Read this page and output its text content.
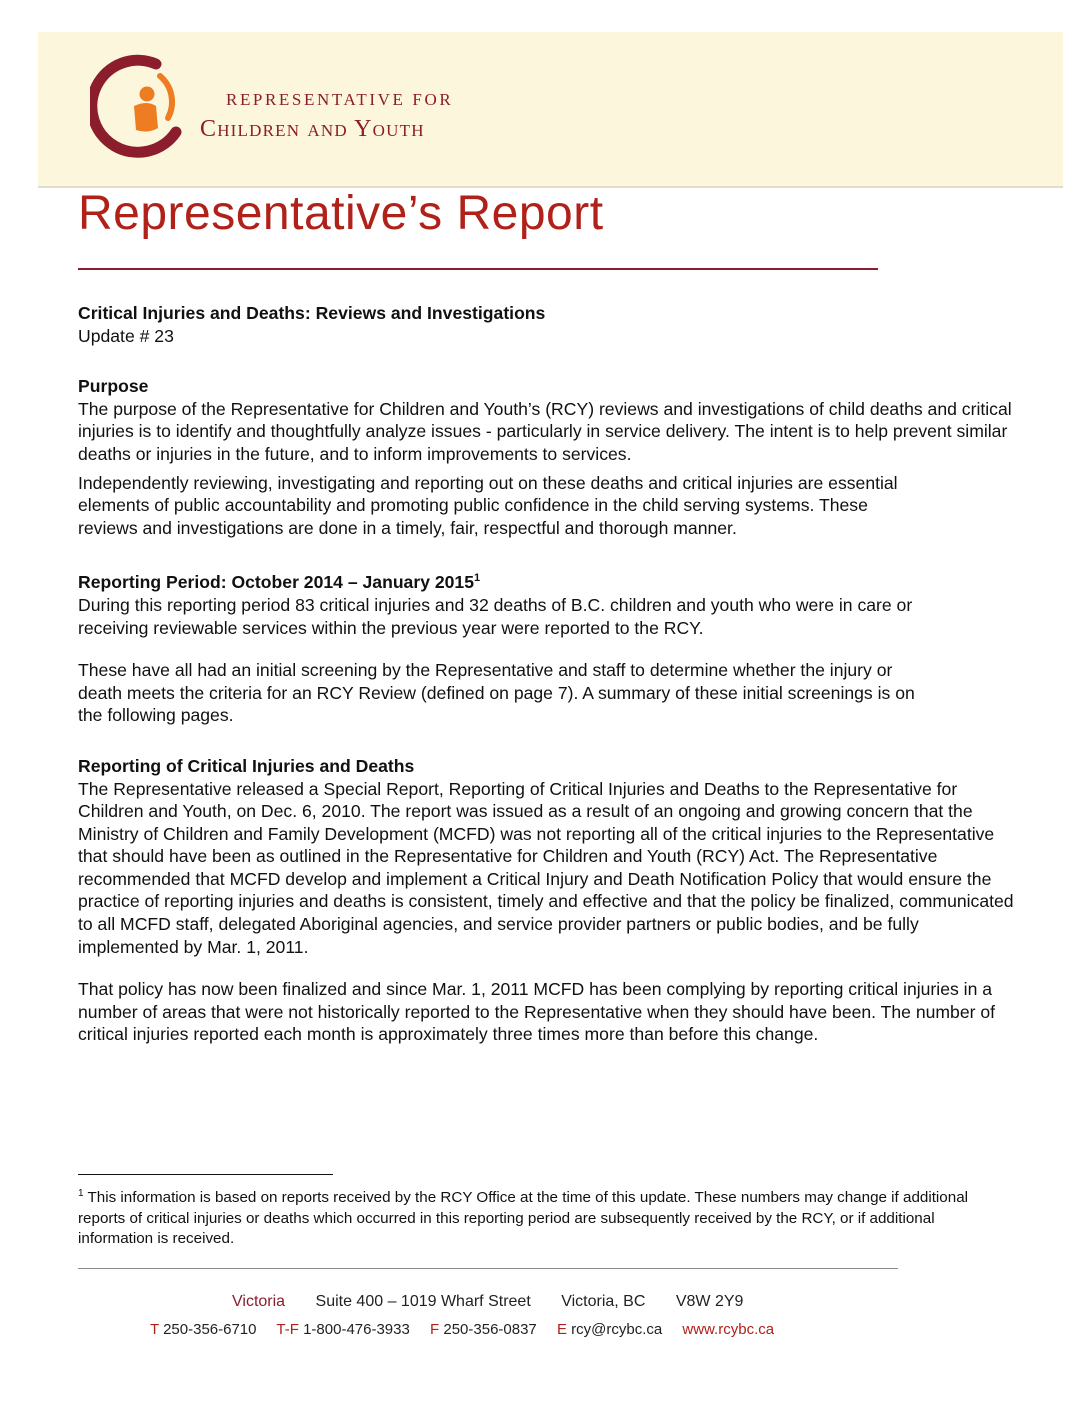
REPRESENTATIVE FOR
Children and Youth
Representative’s Report

Critical Injuries and Deaths: Reviews and Investigations

Update # 23

Purpose

The purpose of the Representative for Children and Youth’s (RCY) reviews and investigations of child deaths and critical injuries is to identify and thoughtfully analyze issues - particularly in service delivery. The intent is to help prevent similar deaths or injuries in the future, and to inform improvements to services.

Independently reviewing, investigating and reporting out on these deaths and critical injuries are essential elements of public accountability and promoting public confidence in the child serving systems. These reviews and investigations are done in a timely, fair, respectful and thorough manner.

Reporting Period: October 2014 – January 2015$^1$

During this reporting period 83 critical injuries and 32 deaths of B.C. children and youth who were in care or receiving reviewable services within the previous year were reported to the RCY.

These have all had an initial screening by the Representative and staff to determine whether the injury or death meets the criteria for an RCY Review (defined on page 7). A summary of these initial screenings is on the following pages.

Reporting of Critical Injuries and Deaths

The Representative released a Special Report, Reporting of Critical Injuries and Deaths to the Representative for Children and Youth, on Dec. 6, 2010. The report was issued as a result of an ongoing and growing concern that the Ministry of Children and Family Development (MCFD) was not reporting all of the critical injuries to the Representative that should have been as outlined in the Representative for Children and Youth (RCY) Act. The Representative recommended that MCFD develop and implement a Critical Injury and Death Notification Policy that would ensure the practice of reporting injuries and deaths is consistent, timely and effective and that the policy be finalized, communicated to all MCFD staff, delegated Aboriginal agencies, and service provider partners or public bodies, and be fully implemented by Mar. 1, 2011.

That policy has now been finalized and since Mar. 1, 2011 MCFD has been complying by reporting critical injuries in a number of areas that were not historically reported to the Representative when they should have been. The number of critical injuries reported each month is approximately three times more than before this change.

$^1$ This information is based on reports received by the RCY Office at the time of this update. These numbers may change if additional reports of critical injuries or deaths which occurred in this reporting period are subsequently received by the RCY, or if additional information is received.
Victoria Suite 400 – 1019 Wharf Street Victoria, BC V8W 2Y9
T 250-356-6710 T-F 1-800-476-3933 F 250-356-0837 E rcy@rcybc.ca www.rcybc.ca
